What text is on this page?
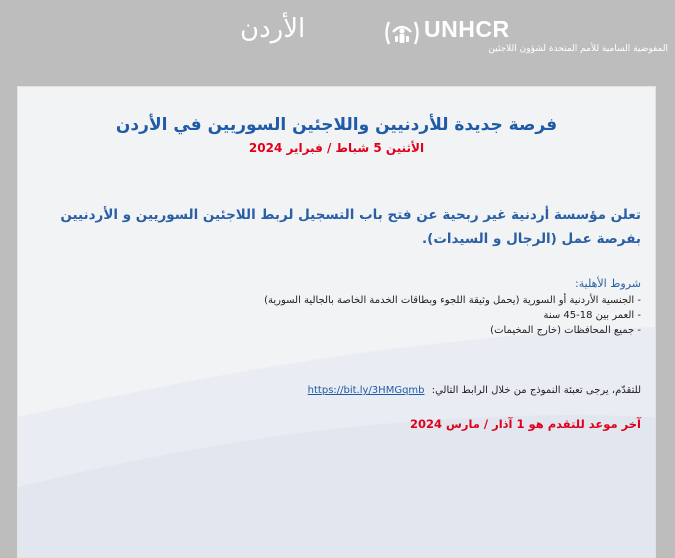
الأردن	UNHCR
المفوضية السامية للأمم المتحدة لشؤون اللاجئين
فرصة جديدة للأردنيين واللاجئين السوريين في الأردن
الأثنين 5 شباط / فبراير 2024
تعلن مؤسسة أردنية غير ربحية عن فتح باب التسجيل لربط اللاجئين السوريين و الأردنيين بفرصة عمل (الرجال و السيدات).
شروط الأهلية:
- الجنسية الأردنية أو السورية (يحمل وثيقة اللجوء وبطاقات الخدمة الخاصة بالجالية السورية)
- العمر بين 18-45 سنة
- جميع المحافظات (خارج المخيمات)
للتقدّم، يرجى تعبئة النموذج من خلال الرابط التالي: https://bit.ly/3HMGqmb
آخر موعد للتقدم هو 1 آذار / مارس 2024
